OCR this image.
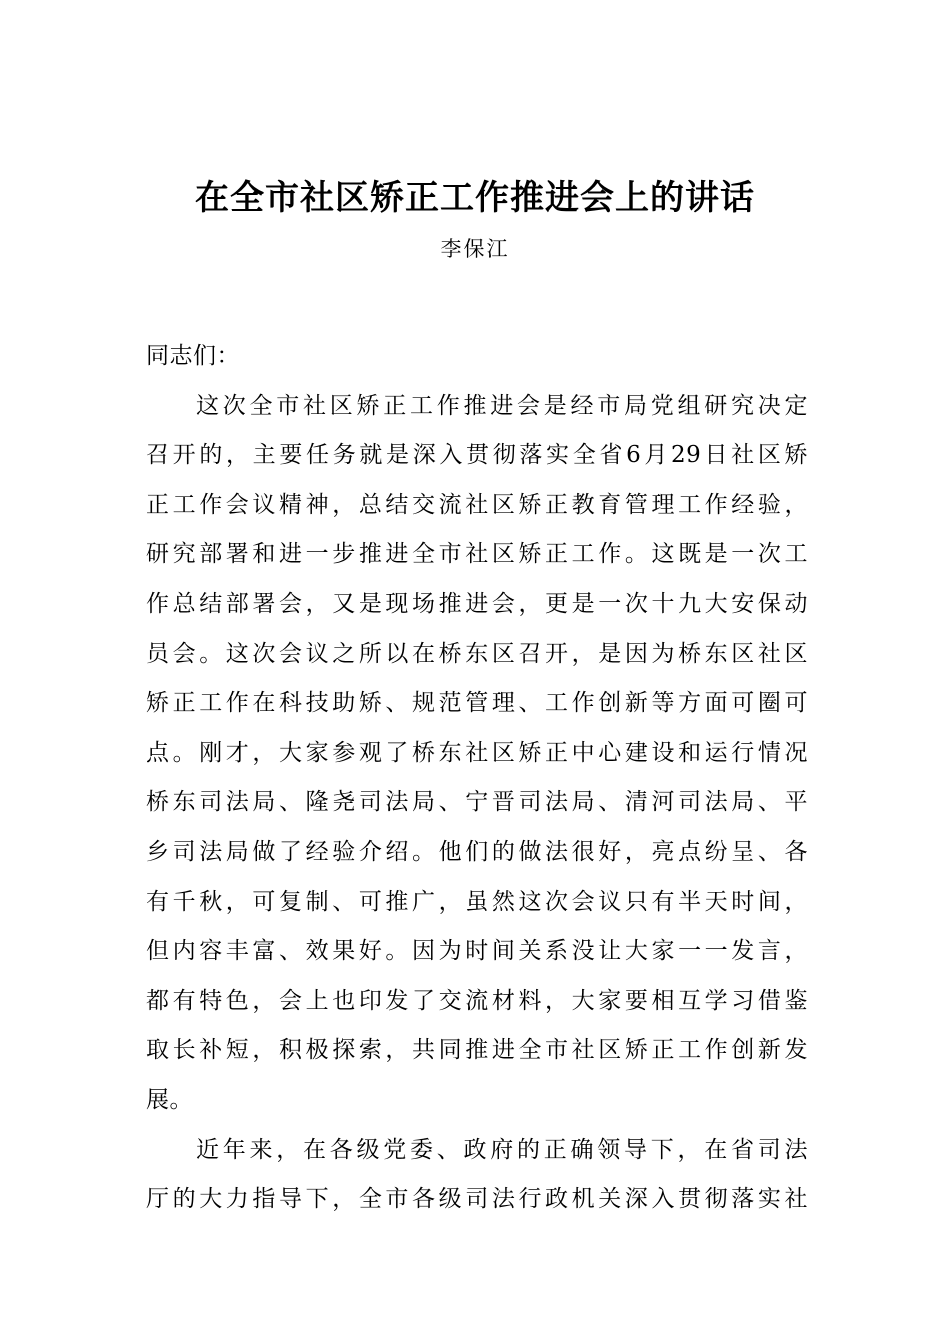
在全市社区矫正工作推进会上的讲话
李保江
同志们：
这次全市社区矫正工作推进会是经市局党组研究决定
召开的，主要任务就是深入贯彻落实全省6月29日社区矫
正工作会议精神，总结交流社区矫正教育管理工作经验，
研究部署和进一步推进全市社区矫正工作。这既是一次工
作总结部署会，又是现场推进会，更是一次十九大安保动
员会。这次会议之所以在桥东区召开，是因为桥东区社区
矫正工作在科技助矫、规范管理、工作创新等方面可圈可
点。刚才，大家参观了桥东社区矫正中心建设和运行情况
桥东司法局、隆尧司法局、宁晋司法局、清河司法局、平
乡司法局做了经验介绍。他们的做法很好，亮点纷呈、各
有千秋，可复制、可推广，虽然这次会议只有半天时间，
但内容丰富、效果好。因为时间关系没让大家一一发言，
都有特色，会上也印发了交流材料，大家要相互学习借鉴
取长补短，积极探索，共同推进全市社区矫正工作创新发
展。
近年来，在各级党委、政府的正确领导下，在省司法
厅的大力指导下，全市各级司法行政机关深入贯彻落实社
